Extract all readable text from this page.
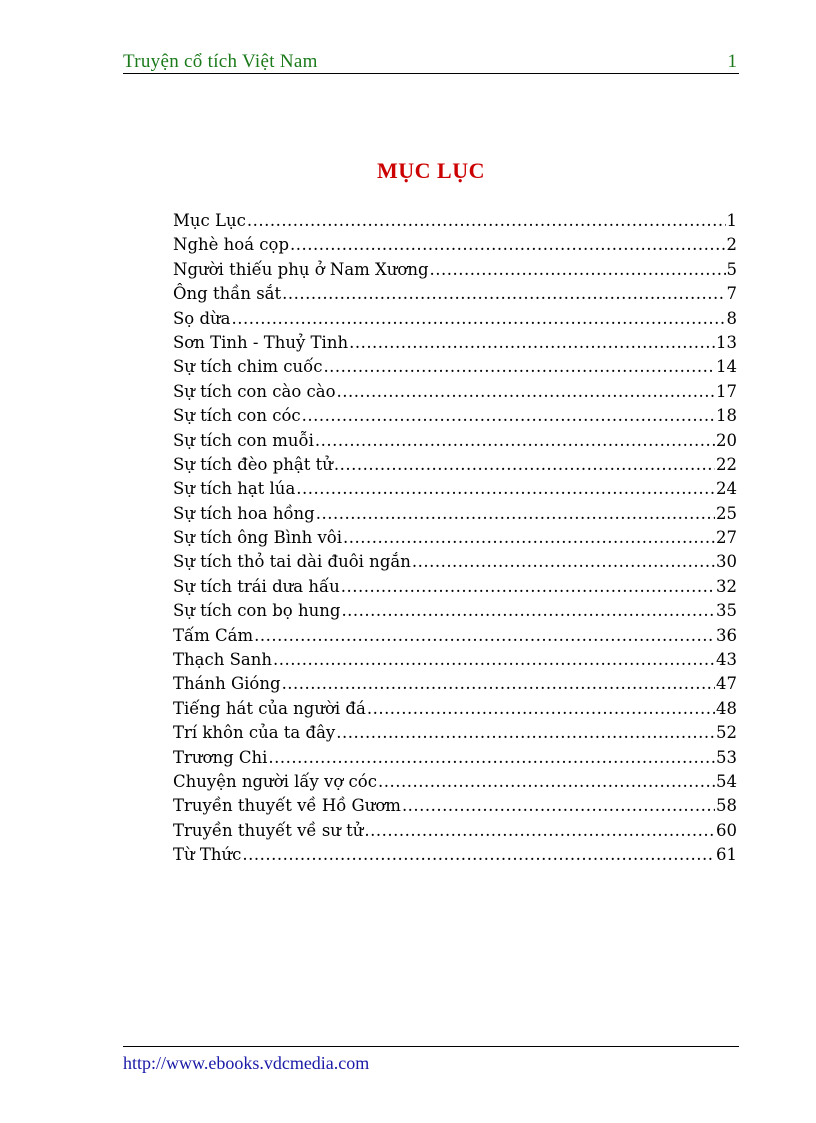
Truyện cổ tích Việt Nam	1
MỤC LỤC
Mục Lục .....	1
Nghè hoá cọp .....	2
Người thiếu phụ ở Nam Xương .....	5
Ông thần sắt .....	7
Sọ dừa .....	8
Sơn Tinh - Thuỷ Tinh .....	13
Sự tích chim cuốc .....	14
Sự tích con cào cào .....	17
Sự tích con cóc .....	18
Sự tích con muỗi .....	20
Sự tích đèo phật tử .....	22
Sự tích hạt lúa .....	24
Sự tích hoa hồng .....	25
Sự tích ông Bình vôi .....	27
Sự tích thỏ tai dài đuôi ngắn .....	30
Sự tích trái dưa hấu .....	32
Sự tích con bọ hung .....	35
Tấm Cám .....	36
Thạch Sanh .....	43
Thánh Gióng .....	47
Tiếng hát của người đá .....	48
Trí khôn của ta đây .....	52
Trương Chi .....	53
Chuyện người lấy vợ cóc .....	54
Truyền thuyết về Hồ Gươm .....	58
Truyền thuyết về sư tử .....	60
Từ Thức .....	61
http://www.ebooks.vdcmedia.com
